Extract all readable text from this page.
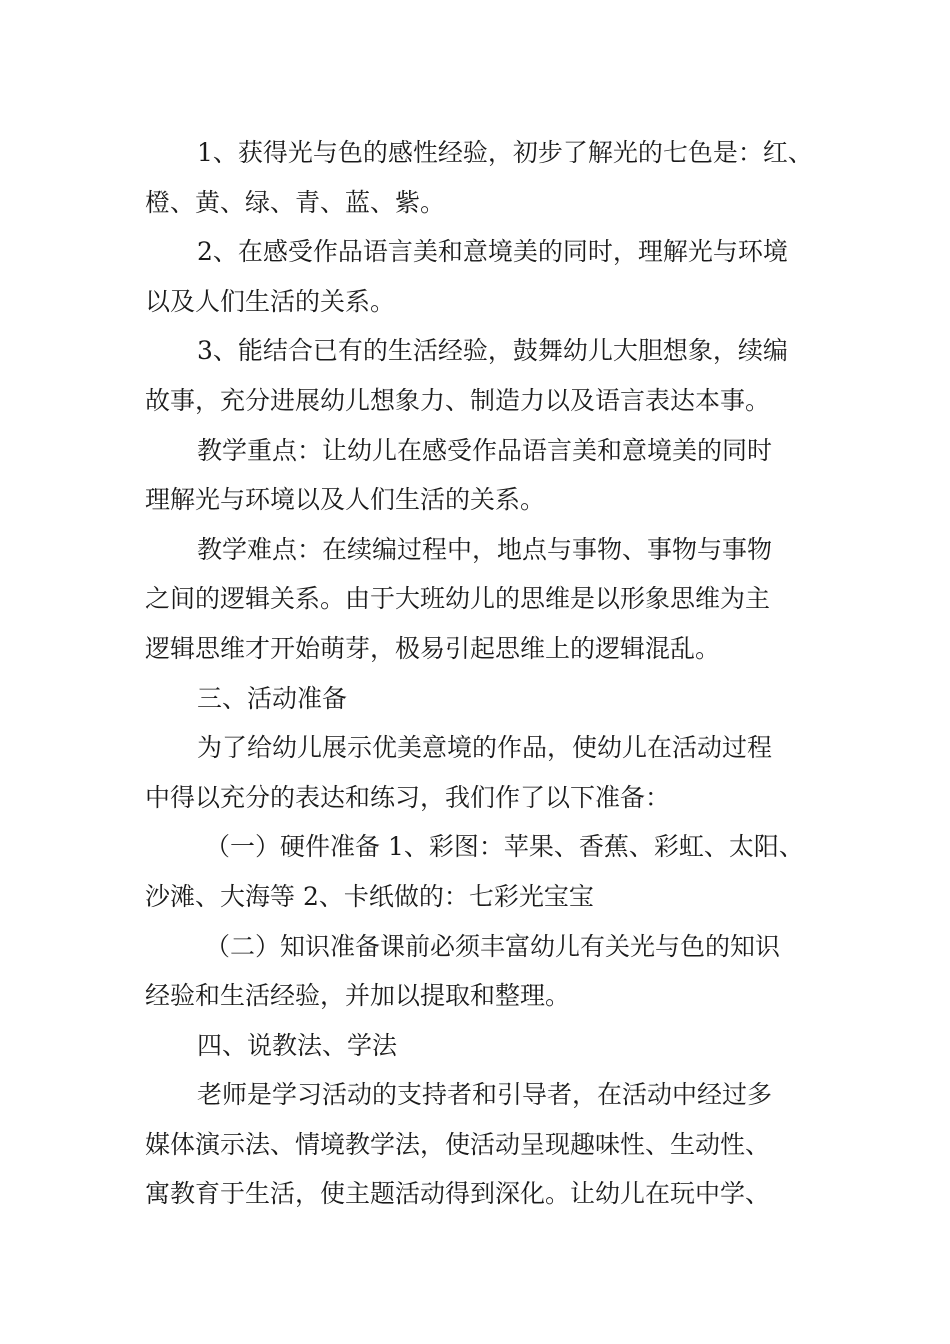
1、获得光与色的感性经验，初步了解光的七色是：红、
橙、黄、绿、青、蓝、紫。
2、在感受作品语言美和意境美的同时，理解光与环境
以及人们生活的关系。
3、能结合已有的生活经验，鼓舞幼儿大胆想象，续编
故事，充分进展幼儿想象力、制造力以及语言表达本事。
教学重点：让幼儿在感受作品语言美和意境美的同时
理解光与环境以及人们生活的关系。
教学难点：在续编过程中，地点与事物、事物与事物
之间的逻辑关系。由于大班幼儿的思维是以形象思维为主
逻辑思维才开始萌芽，极易引起思维上的逻辑混乱。
三、活动准备
为了给幼儿展示优美意境的作品，使幼儿在活动过程
中得以充分的表达和练习，我们作了以下准备：
（一）硬件准备 1、彩图：苹果、香蕉、彩虹、太阳、
沙滩、大海等 2、卡纸做的：七彩光宝宝
（二）知识准备课前必须丰富幼儿有关光与色的知识
经验和生活经验，并加以提取和整理。
四、说教法、学法
老师是学习活动的支持者和引导者，在活动中经过多
媒体演示法、情境教学法，使活动呈现趣味性、生动性、
寓教育于生活，使主题活动得到深化。让幼儿在玩中学、
